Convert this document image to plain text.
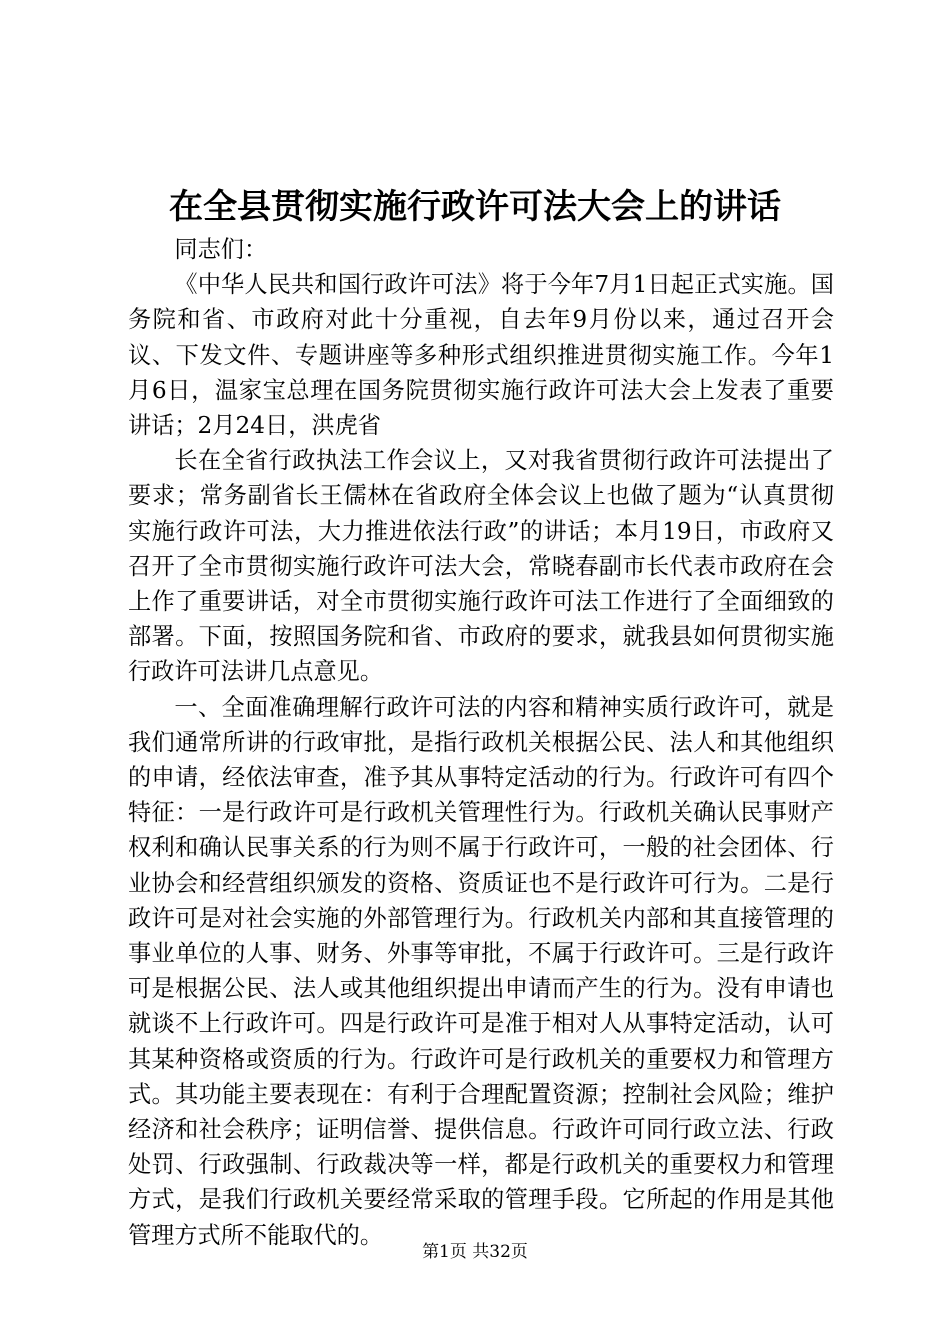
在全县贯彻实施行政许可法大会上的讲话

同志们：

《中华人民共和国行政许可法》将于今年7月1日起正式实施。国务院和省、市政府对此十分重视，自去年9月份以来，通过召开会议、下发文件、专题讲座等多种形式组织推进贯彻实施工作。今年1月6日，温家宝总理在国务院贯彻实施行政许可法大会上发表了重要讲话；2月24日，洪虎省

长在全省行政执法工作会议上，又对我省贯彻行政许可法提出了要求；常务副省长王儒林在省政府全体会议上也做了题为“认真贯彻实施行政许可法，大力推进依法行政”的讲话；本月19日，市政府又召开了全市贯彻实施行政许可法大会，常晓春副市长代表市政府在会上作了重要讲话，对全市贯彻实施行政许可法工作进行了全面细致的部署。下面，按照国务院和省、市政府的要求，就我县如何贯彻实施行政许可法讲几点意见。

一、全面准确理解行政许可法的内容和精神实质行政许可，就是我们通常所讲的行政审批，是指行政机关根据公民、法人和其他组织的申请，经依法审查，准予其从事特定活动的行为。行政许可有四个特征：一是行政许可是行政机关管理性行为。行政机关确认民事财产权利和确认民事关系的行为则不属于行政许可，一般的社会团体、行业协会和经营组织颁发的资格、资质证也不是行政许可行为。二是行政许可是对社会实施的外部管理行为。行政机关内部和其直接管理的事业单位的人事、财务、外事等审批，不属于行政许可。三是行政许可是根据公民、法人或其他组织提出申请而产生的行为。没有申请也就谈不上行政许可。四是行政许可是准于相对人从事特定活动，认可其某种资格或资质的行为。行政许可是行政机关的重要权力和管理方式。其功能主要表现在：有利于合理配置资源；控制社会风险；维护经济和社会秩序；证明信誉、提供信息。行政许可同行政立法、行政处罚、行政强制、行政裁决等一样，都是行政机关的重要权力和管理方式，是我们行政机关要经常采取的管理手段。它所起的作用是其他管理方式所不能取代的。

第1页 共32页
